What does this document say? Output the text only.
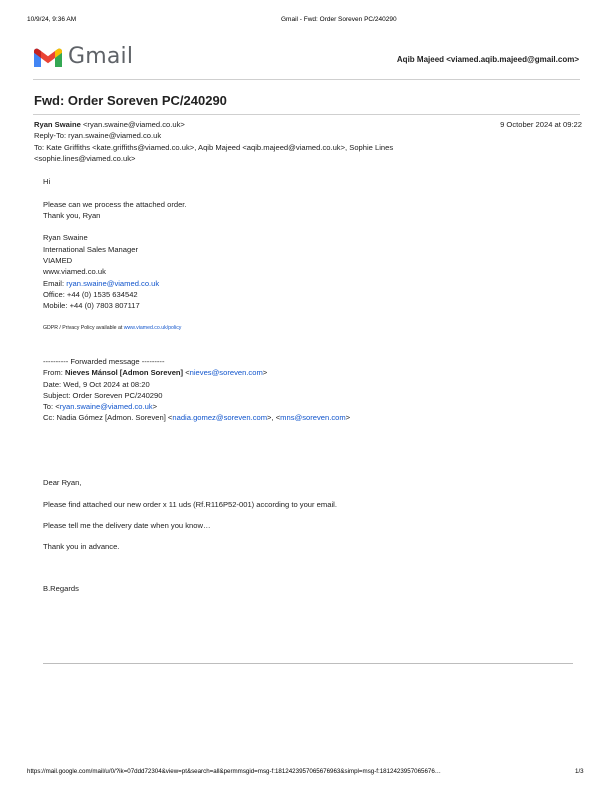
10/9/24, 9:36 AM	Gmail - Fwd: Order Soreven PC/240290
Gmail	Aqib Majeed <viamed.aqib.majeed@gmail.com>
Fwd: Order Soreven PC/240290
Ryan Swaine <ryan.swaine@viamed.co.uk>	9 October 2024 at 09:22
Reply-To: ryan.swaine@viamed.co.uk
To: Kate Griffiths <kate.griffiths@viamed.co.uk>, Aqib Majeed <aqib.majeed@viamed.co.uk>, Sophie Lines
<sophie.lines@viamed.co.uk>
Hi
Please can we process the attached order.
Thank you, Ryan
Ryan Swaine
International Sales Manager
VIAMED
www.viamed.co.uk
Email: ryan.swaine@viamed.co.uk
Office: +44 (0) 1535 634542
Mobile: +44 (0) 7803 807117
GDPR / Privacy Policy available at www.viamed.co.uk/policy
---------- Forwarded message ---------
From: Nieves Mánsol [Admon Soreven] <nieves@soreven.com>
Date: Wed, 9 Oct 2024 at 08:20
Subject: Order Soreven PC/240290
To: <ryan.swaine@viamed.co.uk>
Cc: Nadia Gómez [Admon. Soreven] <nadia.gomez@soreven.com>, <mns@soreven.com>
Dear Ryan,
Please find attached our new order x 11 uds (Rf.R116P52-001) according to your email.
Please tell me the delivery date when you know…
Thank you in advance.
B.Regards
https://mail.google.com/mail/u/0/?ik=07ddd72304&view=pt&search=all&permmsgid=msg-f:1812423957065676963&simpl=msg-f:1812423957065676…	1/3
